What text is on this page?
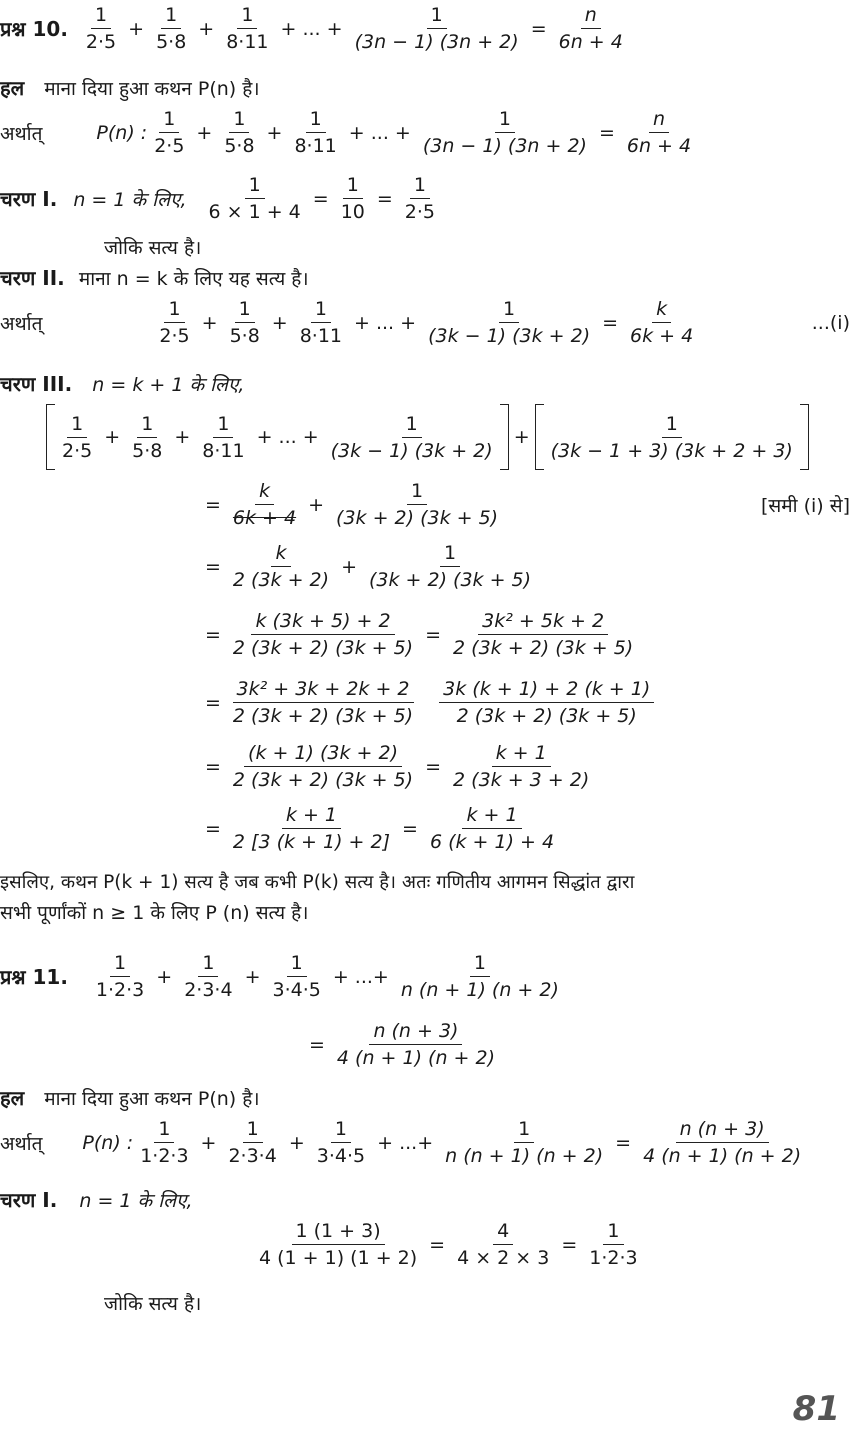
प्रश्न 10.
1
2·5
+ $\frac{1}{5\cdot 8} + \frac{1}{8\cdot 11}$ + ... + $\frac{1}{(3n - 1) (3n + 2)} = \frac{n}{6n + 4}$
हल माना दिया हुआ कथन P(n) है।
अर्थात्	P(n) :
1
2·5
+ $\frac{1}{5\cdot 8} + \frac{1}{8\cdot 11}$ + ... + $\frac{1}{(3n - 1) (3n + 2)} = \frac{n}{6n + 4}$
चरण I. n = 1 के लिए, $\frac{1}{6 \times 1 + 4} = \frac{1}{10} = \frac{1}{2\cdot 5}$
जोकि सत्य है।
चरण II. माना n = k के लिए यह सत्य है।
अर्थात्
1
2·5
+ $\frac{1}{5\cdot 8} + \frac{1}{8\cdot 11}$ + ... + $\frac{1}{(3k - 1) (3k + 2)} = \frac{k}{6k + 4}$	...(i)
चरण III. n = k + 1 के लिए,
1
2·5
+ $\frac{1}{5\cdot 8} + \frac{1}{8\cdot 11}$ + ... + $\frac{1}{(3k - 1) (3k + 2)}$ +
1
(3k − 1 + 3) (3k + 2 + 3)
= $\frac{k}{6k + 4} + \frac{1}{(3k + 2) (3k + 5)}$	[समी (i) से]
= $\frac{k}{2 (3k + 2)} + \frac{1}{(3k + 2) (3k + 5)}$
= $\frac{k (3k + 5) + 2}{2 (3k + 2) (3k + 5)} = \frac{\text{3k² + 5k + 2}}{2 (3k + 2) (3k + 5)}$
= $\frac{\text{3k² + 3k + 2k + 2}}{2 (3k + 2) (3k + 5)}$
3k (k + 1) + 2 (k + 1)
2 (3k + 2) (3k + 5)
= $\frac{(k + 1) (3k + 2)}{2 (3k + 2) (3k + 5)} = \frac{k + 1}{2 (3k + 3 + 2)}$
= $\frac{k + 1}{2 [3 (k + 1) + 2]} = \frac{k + 1}{6 (k + 1) + 4}$
इसलिए, कथन P(k + 1) सत्य है जब कभी P(k) सत्य है। अतः गणितीय आगमन सिद्धांत द्वारा
सभी पूर्णांकों n ≥ 1 के लिए P (n) सत्य है।
प्रश्न 11.
1
1·2·3
+ $\frac{1}{2\cdot 3\cdot 4} + \frac{1}{3\cdot 4\cdot 5}$ + ...+ $\frac{1}{n (n + 1) (n + 2)}$
= $\frac{n (n + 3)}{4 (n + 1) (n + 2)}$
हल माना दिया हुआ कथन P(n) है।
अर्थात् P(n) :
1
1·2·3
+ $\frac{1}{2\cdot 3\cdot 4} + \frac{1}{3\cdot 4\cdot 5}$ + ...+ $\frac{1}{n (n + 1) (n + 2)} = \frac{n (n + 3)}{4 (n + 1) (n + 2)}$
चरण I. n = 1 के लिए,
$\frac{1 (1 + 3)}{4 (1 + 1) (1 + 2)} = \frac{4}{4 \times 2 \times 3} = \frac{1}{1\cdot 2\cdot 3}$
जोकि सत्य है।
81
